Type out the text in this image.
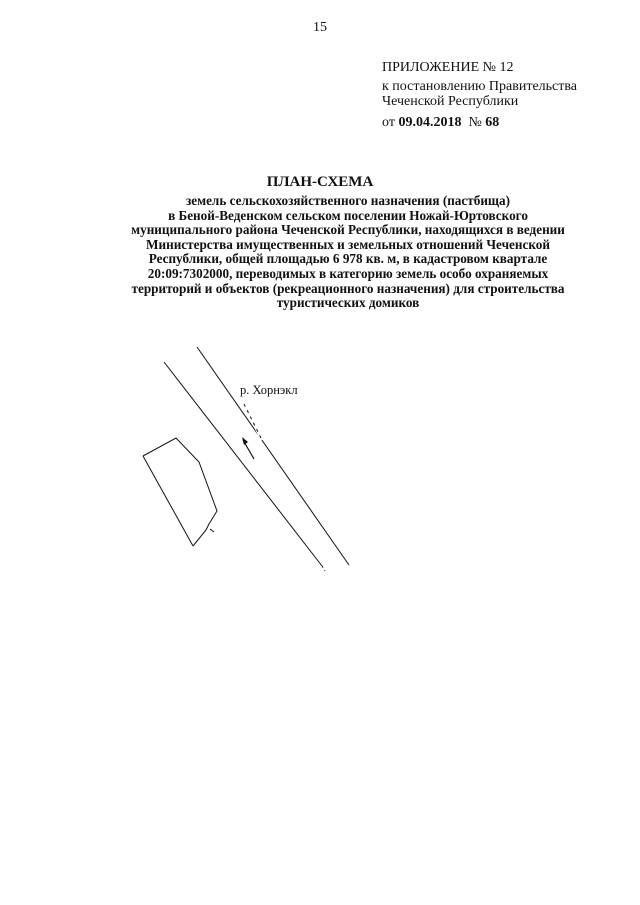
15
ПРИЛОЖЕНИЕ № 12
к постановлению Правительства
Чеченской Республики
от 09.04.2018  № 68
ПЛАН-СХЕМА
земель сельскохозяйственного назначения (пастбища)
в Беной-Веденском сельском поселении Ножай-Юртовского
муниципального района Чеченской Республики, находящихся в ведении
Министерства имущественных и земельных отношений Чеченской
Республики, общей площадью 6 978 кв. м, в кадастровом квартале
20:09:7302000, переводимых в категорию земель особо охраняемых
территорий и объектов (рекреационного назначения) для строительства
туристических домиков
р. Хорнэкл
